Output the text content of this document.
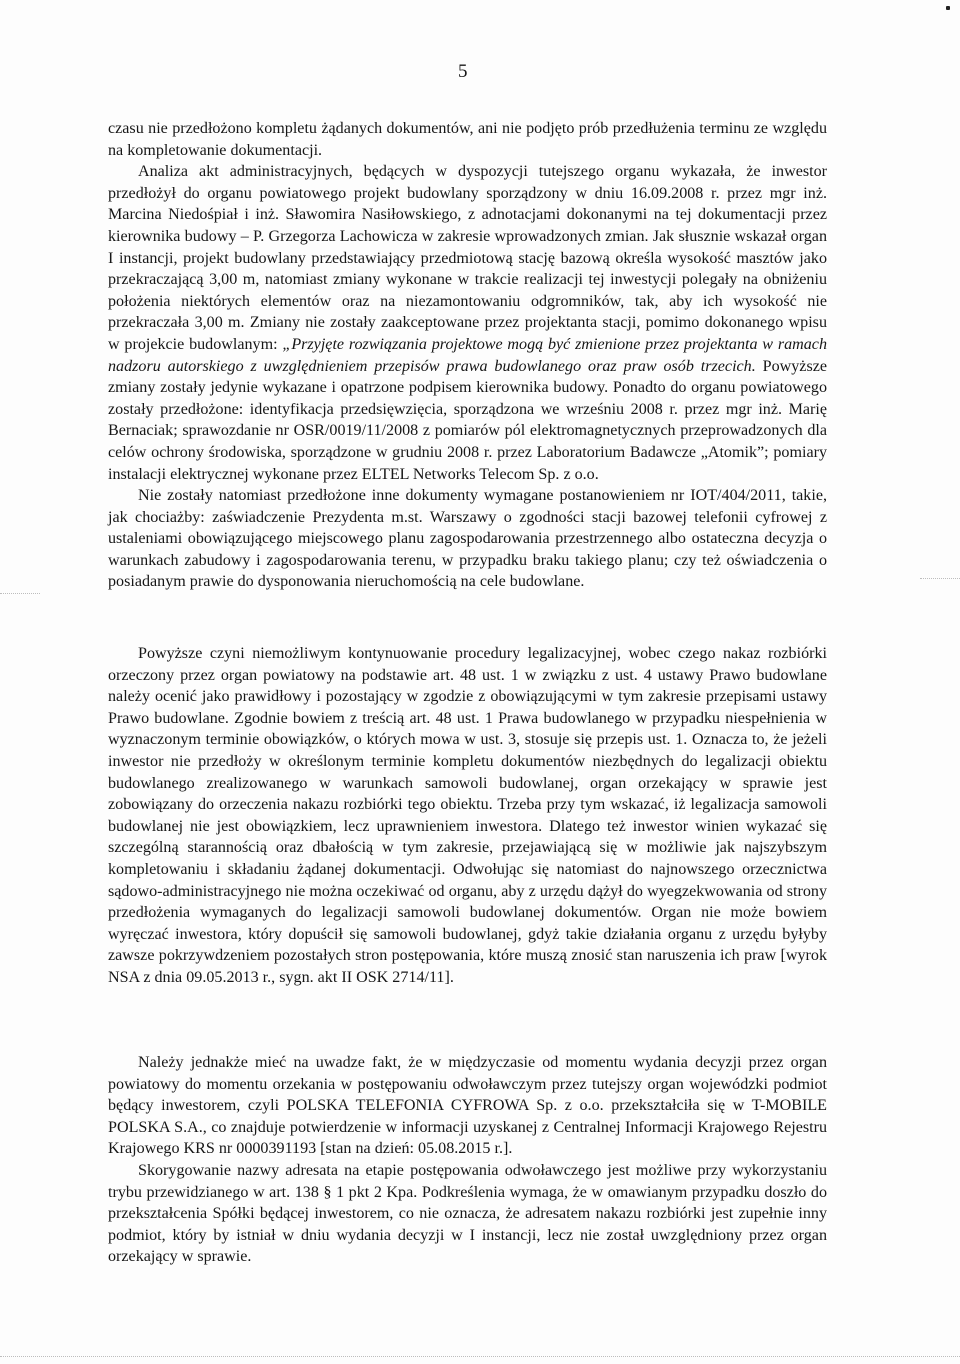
5

czasu nie przedłożono kompletu żądanych dokumentów, ani nie podjęto prób przedłużenia terminu ze względu na kompletowanie dokumentacji.

Analiza akt administracyjnych, będących w dyspozycji tutejszego organu wykazała, że inwestor przedłożył do organu powiatowego projekt budowlany sporządzony w dniu 16.09.2008 r. przez mgr inż. Marcina Niedośpiał i inż. Sławomira Nasiłowskiego, z adnotacjami dokonanymi na tej dokumentacji przez kierownika budowy – P. Grzegorza Lachowicza w zakresie wprowadzonych zmian. Jak słusznie wskazał organ I instancji, projekt budowlany przedstawiający przedmiotową stację bazową określa wysokość masztów jako przekraczającą 3,00 m, natomiast zmiany wykonane w trakcie realizacji tej inwestycji polegały na obniżeniu położenia niektórych elementów oraz na niezamontowaniu odgromników, tak, aby ich wysokość nie przekraczała 3,00 m. Zmiany nie zostały zaakceptowane przez projektanta stacji, pomimo dokonanego wpisu w projekcie budowlanym: „Przyjęte rozwiązania projektowe mogą być zmienione przez projektanta w ramach nadzoru autorskiego z uwzględnieniem przepisów prawa budowlanego oraz praw osób trzecich. Powyższe zmiany zostały jedynie wykazane i opatrzone podpisem kierownika budowy. Ponadto do organu powiatowego zostały przedłożone: identyfikacja przedsięwzięcia, sporządzona we wrześniu 2008 r. przez mgr inż. Marię Bernaciak; sprawozdanie nr OSR/0019/11/2008 z pomiarów pól elektromagnetycznych przeprowadzonych dla celów ochrony środowiska, sporządzone w grudniu 2008 r. przez Laboratorium Badawcze „Atomik”; pomiary instalacji elektrycznej wykonane przez ELTEL Networks Telecom Sp. z o.o.

Nie zostały natomiast przedłożone inne dokumenty wymagane postanowieniem nr IOT/404/2011, takie, jak chociażby: zaświadczenie Prezydenta m.st. Warszawy o zgodności stacji bazowej telefonii cyfrowej z ustaleniami obowiązującego miejscowego planu zagospodarowania przestrzennego albo ostateczna decyzja o warunkach zabudowy i zagospodarowania terenu, w przypadku braku takiego planu; czy też oświadczenia o posiadanym prawie do dysponowania nieruchomością na cele budowlane.

Powyższe czyni niemożliwym kontynuowanie procedury legalizacyjnej, wobec czego nakaz rozbiórki orzeczony przez organ powiatowy na podstawie art. 48 ust. 1 w związku z ust. 4 ustawy Prawo budowlane należy ocenić jako prawidłowy i pozostający w zgodzie z obowiązującymi w tym zakresie przepisami ustawy Prawo budowlane. Zgodnie bowiem z treścią art. 48 ust. 1 Prawa budowlanego w przypadku niespełnienia w wyznaczonym terminie obowiązków, o których mowa w ust. 3, stosuje się przepis ust. 1. Oznacza to, że jeżeli inwestor nie przedłoży w określonym terminie kompletu dokumentów niezbędnych do legalizacji obiektu budowlanego zrealizowanego w warunkach samowoli budowlanej, organ orzekający w sprawie jest zobowiązany do orzeczenia nakazu rozbiórki tego obiektu. Trzeba przy tym wskazać, iż legalizacja samowoli budowlanej nie jest obowiązkiem, lecz uprawnieniem inwestora. Dlatego też inwestor winien wykazać się szczególną starannością oraz dbałością w tym zakresie, przejawiającą się w możliwie jak najszybszym kompletowaniu i składaniu żądanej dokumentacji. Odwołując się natomiast do najnowszego orzecznictwa sądowo-administracyjnego nie można oczekiwać od organu, aby z urzędu dążył do wyegzekwowania od strony przedłożenia wymaganych do legalizacji samowoli budowlanej dokumentów. Organ nie może bowiem wyręczać inwestora, który dopuścił się samowoli budowlanej, gdyż takie działania organu z urzędu byłyby zawsze pokrzywdzeniem pozostałych stron postępowania, które muszą znosić stan naruszenia ich praw [wyrok NSA z dnia 09.05.2013 r., sygn. akt II OSK 2714/11].

Należy jednakże mieć na uwadze fakt, że w międzyczasie od momentu wydania decyzji przez organ powiatowy do momentu orzekania w postępowaniu odwoławczym przez tutejszy organ wojewódzki podmiot będący inwestorem, czyli POLSKA TELEFONIA CYFROWA Sp. z o.o. przekształciła się w T-MOBILE POLSKA S.A., co znajduje potwierdzenie w informacji uzyskanej z Centralnej Informacji Krajowego Rejestru Krajowego KRS nr 0000391193 [stan na dzień: 05.08.2015 r.].

Skorygowanie nazwy adresata na etapie postępowania odwoławczego jest możliwe przy wykorzystaniu trybu przewidzianego w art. 138 § 1 pkt 2 Kpa. Podkreślenia wymaga, że w omawianym przypadku doszło do przekształcenia Spółki będącej inwestorem, co nie oznacza, że adresatem nakazu rozbiórki jest zupełnie inny podmiot, który by istniał w dniu wydania decyzji w I instancji, lecz nie został uwzględniony przez organ orzekający w sprawie.
